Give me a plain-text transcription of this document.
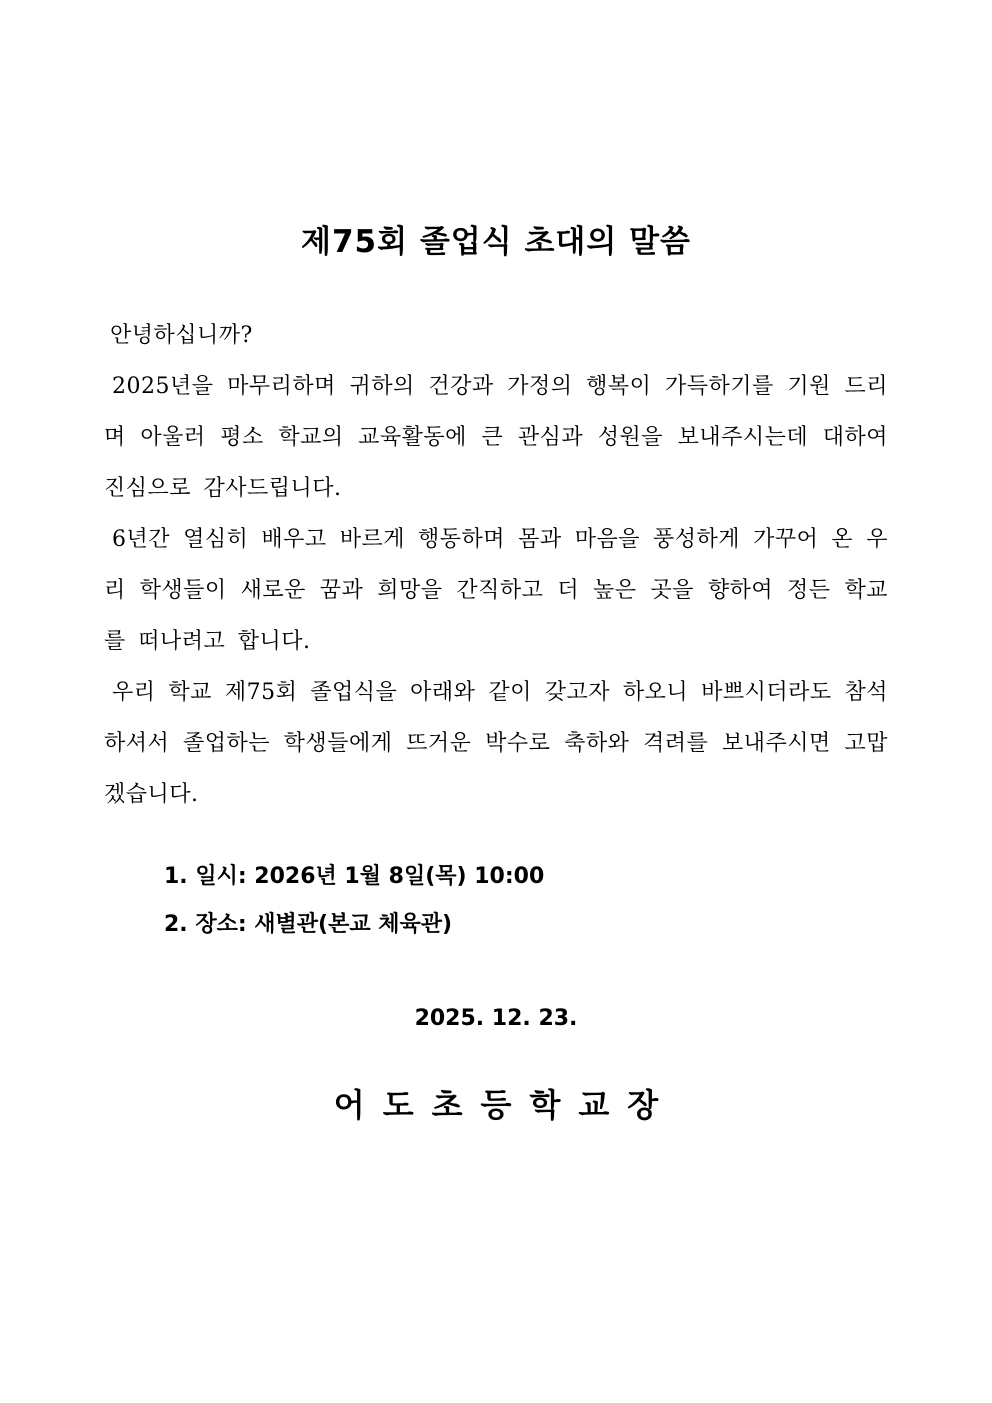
제75회 졸업식 초대의 말씀

안녕하십니까?

2025년을 마무리하며 귀하의 건강과 가정의 행복이 가득하기를 기원 드리며 아울러 평소 학교의 교육활동에 큰 관심과 성원을 보내주시는데 대하여 진심으로 감사드립니다.

6년간 열심히 배우고 바르게 행동하며 몸과 마음을 풍성하게 가꾸어 온 우리 학생들이 새로운 꿈과 희망을 간직하고 더 높은 곳을 향하여 정든 학교를 떠나려고 합니다.

우리 학교 제75회 졸업식을 아래와 같이 갖고자 하오니 바쁘시더라도 참석하셔서 졸업하는 학생들에게 뜨거운 박수로 축하와 격려를 보내주시면 고맙겠습니다.

1. 일시: 2026년 1월 8일(목) 10:00
2. 장소: 새별관(본교 체육관)
2025. 12. 23.
어도초등학교장
